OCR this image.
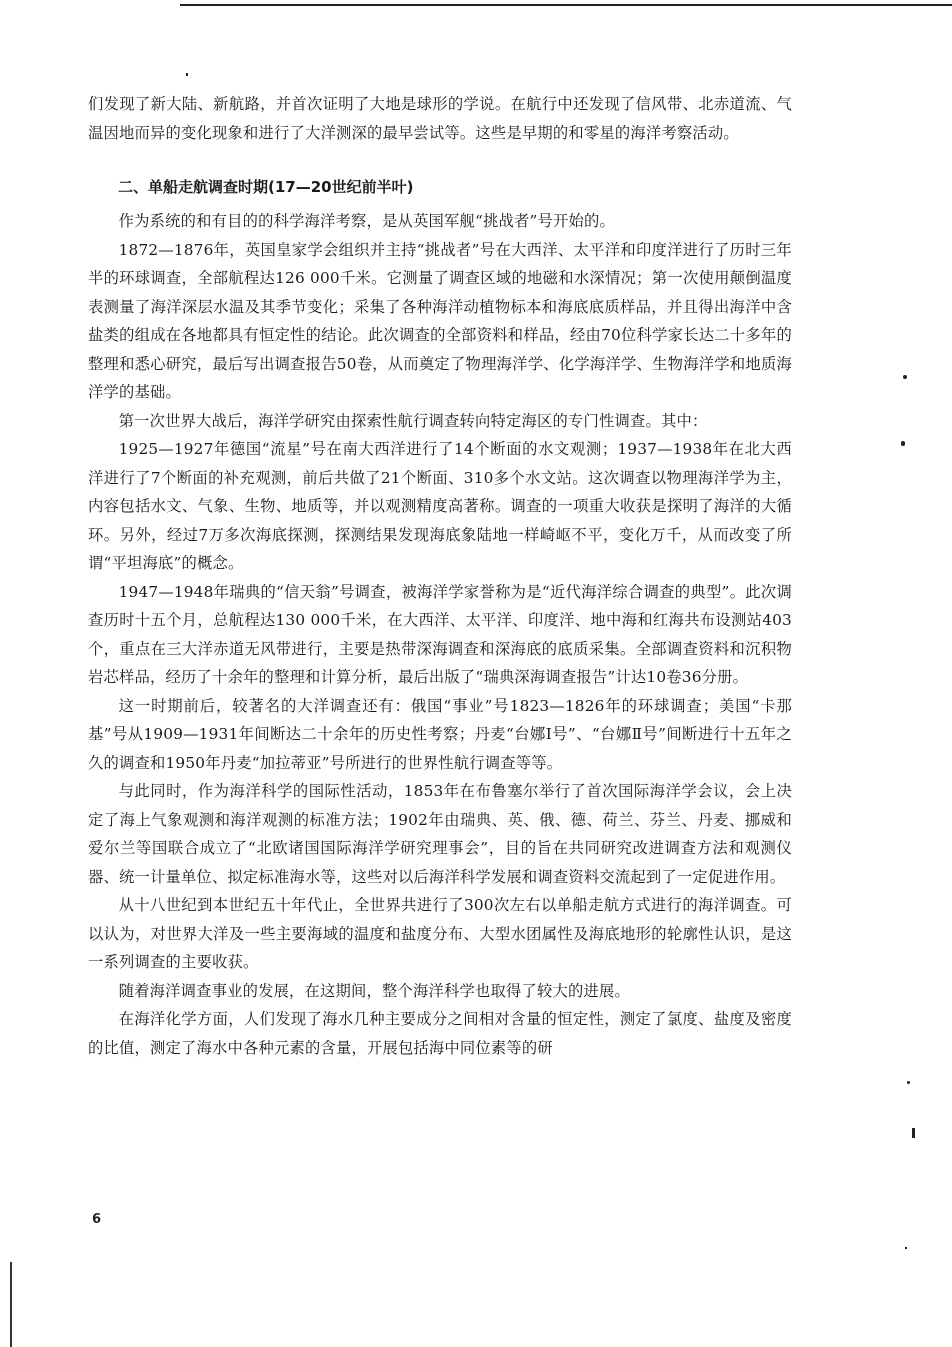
们发现了新大陆、新航路，并首次证明了大地是球形的学说。在航行中还发现了信风带、北赤道流、气温因地而异的变化现象和进行了大洋测深的最早尝试等。这些是早期的和零星的海洋考察活动。

二、单船走航调查时期(17—20世纪前半叶)

作为系统的和有目的的科学海洋考察，是从英国军舰“挑战者”号开始的。

1872—1876年，英国皇家学会组织并主持“挑战者”号在大西洋、太平洋和印度洋进行了历时三年半的环球调查，全部航程达126 000千米。它测量了调查区域的地磁和水深情况；第一次使用颠倒温度表测量了海洋深层水温及其季节变化；采集了各种海洋动植物标本和海底底质样品，并且得出海洋中含盐类的组成在各地都具有恒定性的结论。此次调查的全部资料和样品，经由70位科学家长达二十多年的整理和悉心研究，最后写出调查报告50卷，从而奠定了物理海洋学、化学海洋学、生物海洋学和地质海洋学的基础。

第一次世界大战后，海洋学研究由探索性航行调查转向特定海区的专门性调查。其中：

1925—1927年德国“流星”号在南大西洋进行了14个断面的水文观测；1937—1938年在北大西洋进行了7个断面的补充观测，前后共做了21个断面、310多个水文站。这次调查以物理海洋学为主，内容包括水文、气象、生物、地质等，并以观测精度高著称。调查的一项重大收获是探明了海洋的大循环。另外，经过7万多次海底探测，探测结果发现海底象陆地一样崎岖不平，变化万千，从而改变了所谓“平坦海底”的概念。

1947—1948年瑞典的“信天翁”号调查，被海洋学家誉称为是“近代海洋综合调查的典型”。此次调查历时十五个月，总航程达130 000千米，在大西洋、太平洋、印度洋、地中海和红海共布设测站403个，重点在三大洋赤道无风带进行，主要是热带深海调查和深海底的底质采集。全部调查资料和沉积物岩芯样品，经历了十余年的整理和计算分析，最后出版了“瑞典深海调查报告”计达10卷36分册。

这一时期前后，较著名的大洋调查还有：俄国“事业”号1823—1826年的环球调查；美国“卡那基”号从1909—1931年间断达二十余年的历史性考察；丹麦“台娜I号”、“台娜Ⅱ号”间断进行十五年之久的调查和1950年丹麦“加拉蒂亚”号所进行的世界性航行调查等等。

与此同时，作为海洋科学的国际性活动，1853年在布鲁塞尔举行了首次国际海洋学会议，会上决定了海上气象观测和海洋观测的标准方法；1902年由瑞典、英、俄、德、荷兰、芬兰、丹麦、挪威和爱尔兰等国联合成立了“北欧诸国国际海洋学研究理事会”，目的旨在共同研究改进调查方法和观测仪器、统一计量单位、拟定标准海水等，这些对以后海洋科学发展和调查资料交流起到了一定促进作用。

从十八世纪到本世纪五十年代止，全世界共进行了300次左右以单船走航方式进行的海洋调查。可以认为，对世界大洋及一些主要海域的温度和盐度分布、大型水团属性及海底地形的轮廓性认识，是这一系列调查的主要收获。

随着海洋调查事业的发展，在这期间，整个海洋科学也取得了较大的进展。

在海洋化学方面，人们发现了海水几种主要成分之间相对含量的恒定性，测定了氯度、盐度及密度的比值，测定了海水中各种元素的含量，开展包括海中同位素等的研

6
